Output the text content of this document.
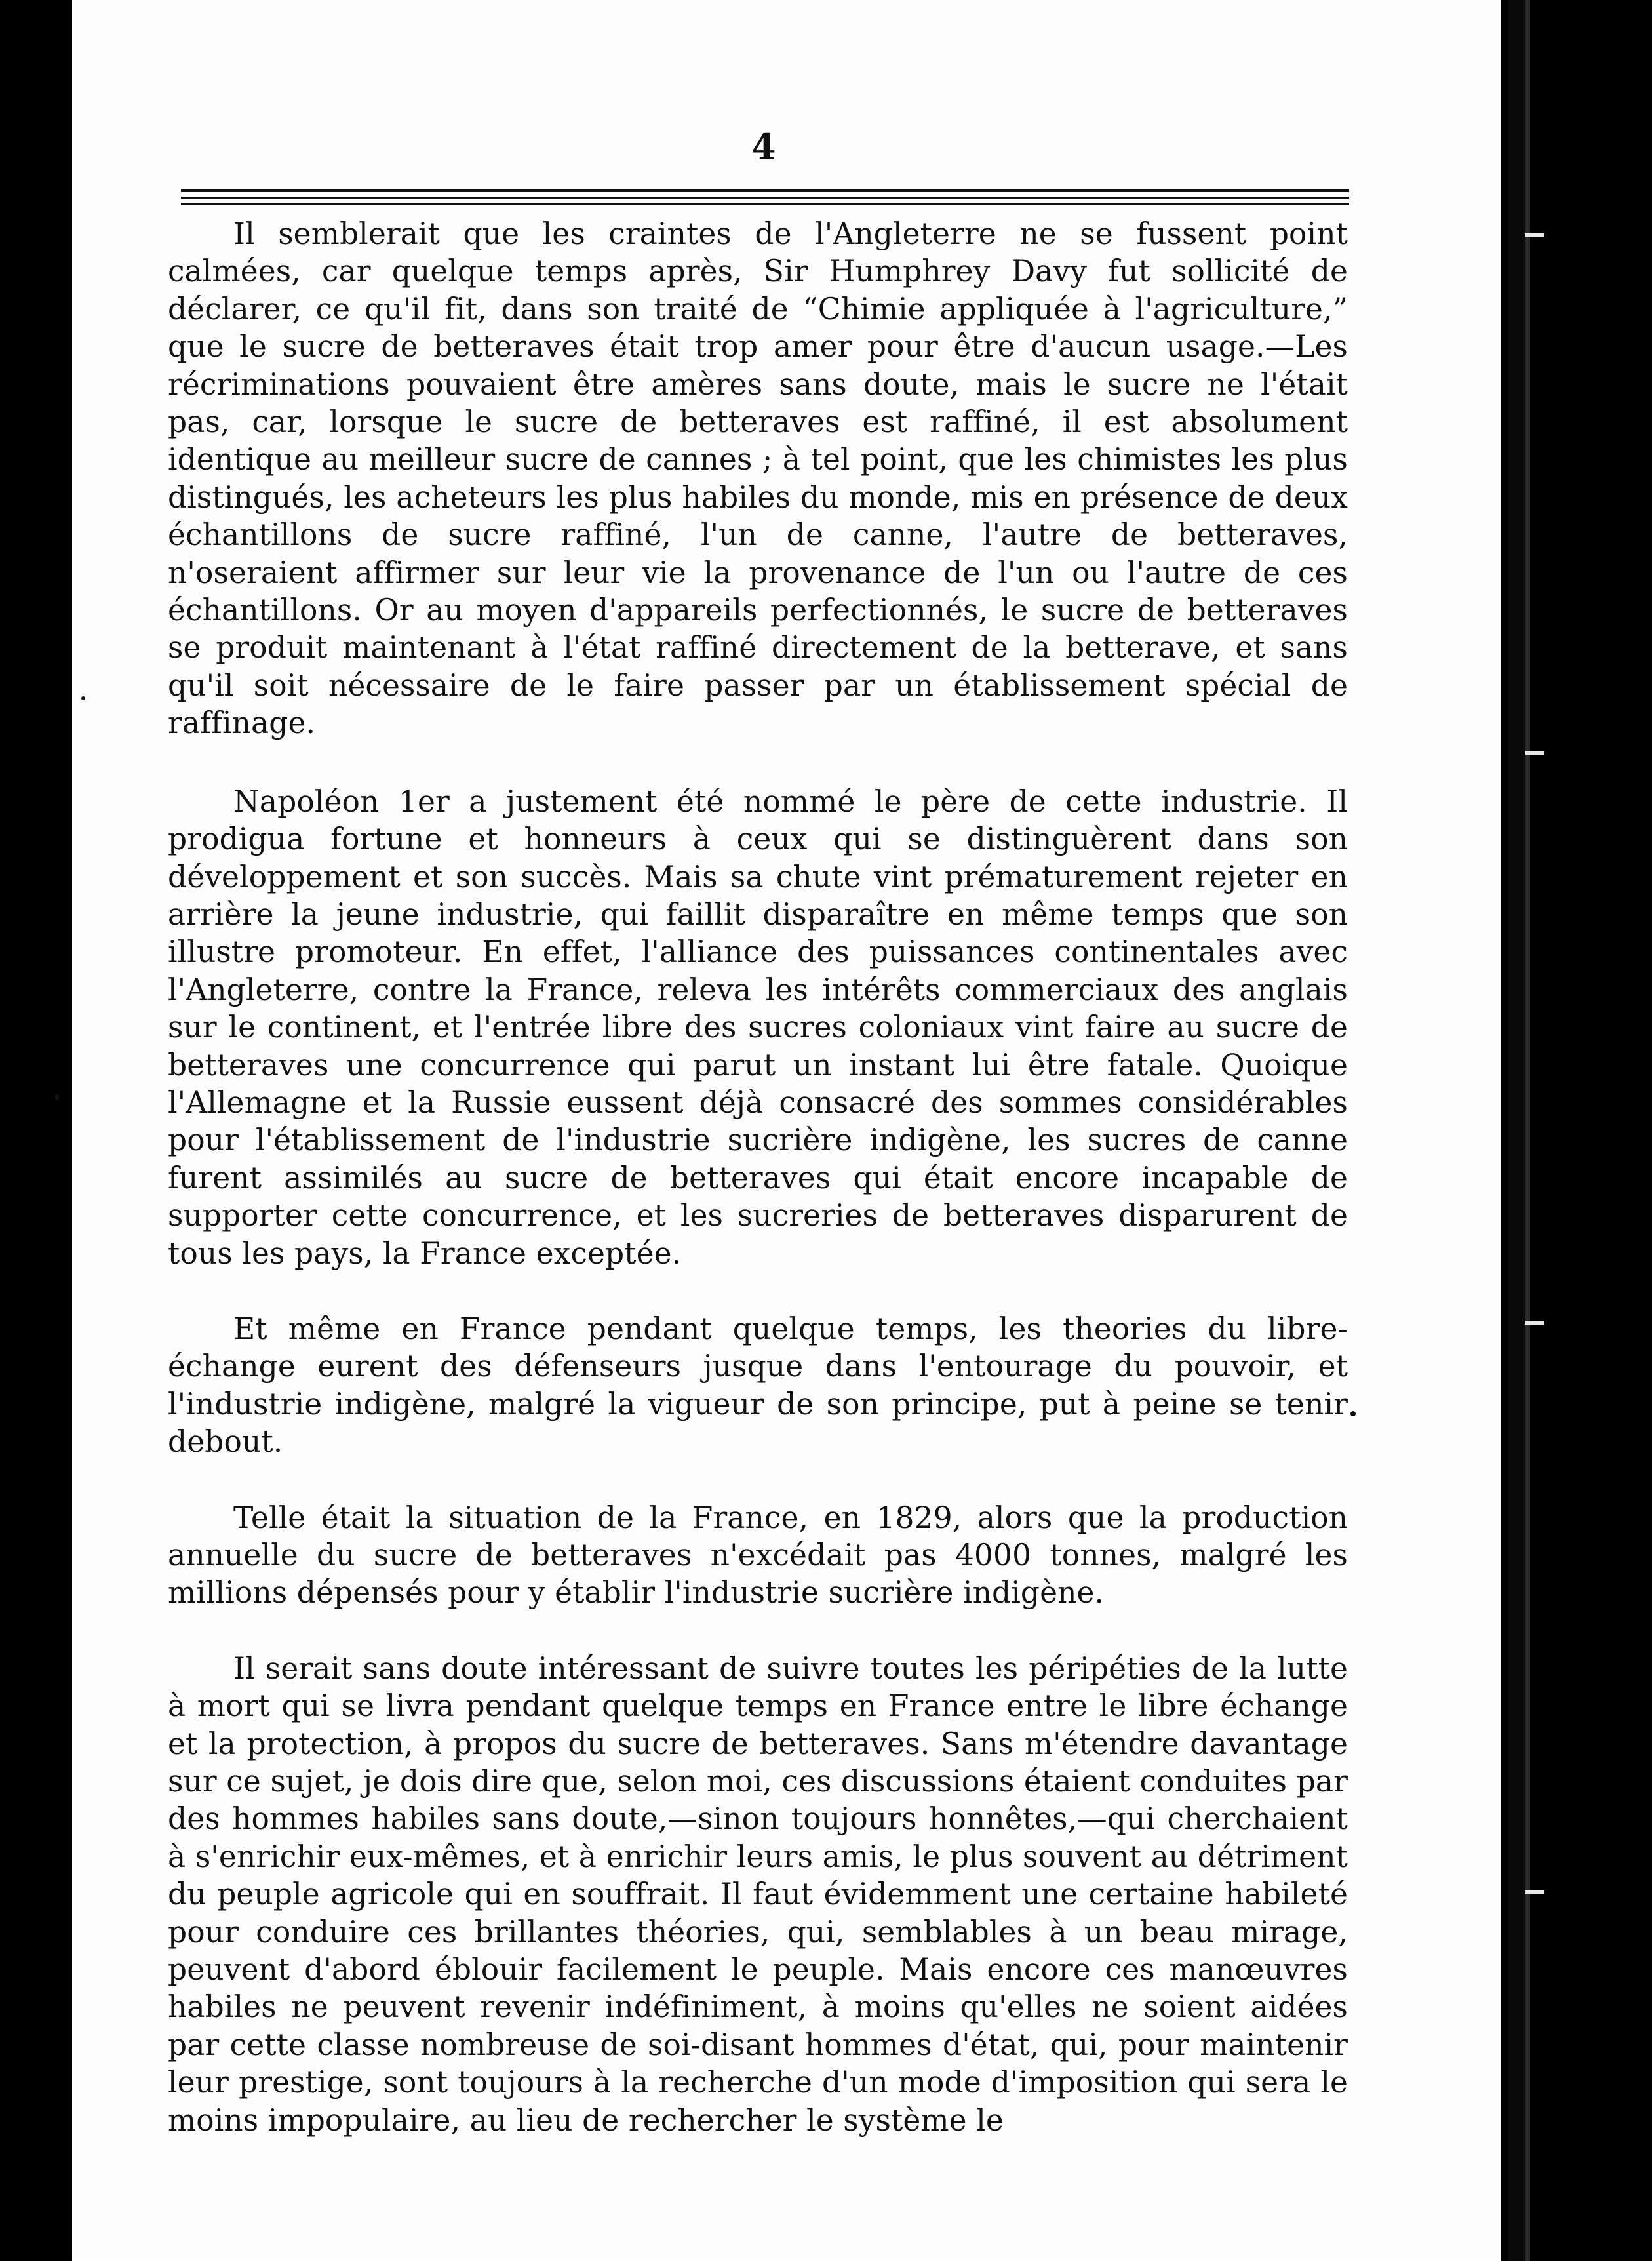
4

Il semblerait que les craintes de l'Angleterre ne se fussent point calmées, car quelque temps après, Sir Humphrey Davy fut sollicité de déclarer, ce qu'il fit, dans son traité de “Chimie appliquée à l'agriculture,” que le sucre de betteraves était trop amer pour être d'aucun usage.—Les récriminations pouvaient être amères sans doute, mais le sucre ne l'était pas, car, lorsque le sucre de betteraves est raffiné, il est absolument identique au meilleur sucre de cannes ; à tel point, que les chimistes les plus distingués, les acheteurs les plus habiles du monde, mis en présence de deux échantillons de sucre raffiné, l'un de canne, l'autre de betteraves, n'oseraient affirmer sur leur vie la provenance de l'un ou l'autre de ces échantillons. Or au moyen d'appareils perfectionnés, le sucre de betteraves se produit maintenant à l'état raffiné directement de la betterave, et sans qu'il soit nécessaire de le faire passer par un établissement spécial de raffinage.

Napoléon 1er a justement été nommé le père de cette industrie. Il prodigua fortune et honneurs à ceux qui se distinguèrent dans son développement et son succès. Mais sa chute vint prématurement rejeter en arrière la jeune industrie, qui faillit disparaître en même temps que son illustre promoteur. En effet, l'alliance des puissances continentales avec l'Angleterre, contre la France, releva les intérêts commerciaux des anglais sur le continent, et l'entrée libre des sucres coloniaux vint faire au sucre de betteraves une concurrence qui parut un instant lui être fatale. Quoique l'Allemagne et la Russie eussent déjà consacré des sommes considérables pour l'établissement de l'industrie sucrière indigène, les sucres de canne furent assimilés au sucre de betteraves qui était encore incapable de supporter cette concurrence, et les sucreries de betteraves disparurent de tous les pays, la France exceptée.

Et même en France pendant quelque temps, les theories du libre-échange eurent des défenseurs jusque dans l'entourage du pouvoir, et l'industrie indigène, malgré la vigueur de son principe, put à peine se tenir debout.

Telle était la situation de la France, en 1829, alors que la production annuelle du sucre de betteraves n'excédait pas 4000 tonnes, malgré les millions dépensés pour y établir l'industrie sucrière indigène.

Il serait sans doute intéressant de suivre toutes les péripéties de la lutte à mort qui se livra pendant quelque temps en France entre le libre échange et la protection, à propos du sucre de betteraves. Sans m'étendre davantage sur ce sujet, je dois dire que, selon moi, ces discussions étaient conduites par des hommes habiles sans doute,—sinon toujours honnêtes,—qui cherchaient à s'enrichir eux-mêmes, et à enrichir leurs amis, le plus souvent au détriment du peuple agricole qui en souffrait. Il faut évidemment une certaine habileté pour conduire ces brillantes théories, qui, semblables à un beau mirage, peuvent d'abord éblouir facilement le peuple. Mais encore ces manœuvres habiles ne peuvent revenir indéfiniment, à moins qu'elles ne soient aidées par cette classe nombreuse de soi-disant hommes d'état, qui, pour maintenir leur prestige, sont toujours à la recherche d'un mode d'imposition qui sera le moins impopulaire, au lieu de rechercher le système le
